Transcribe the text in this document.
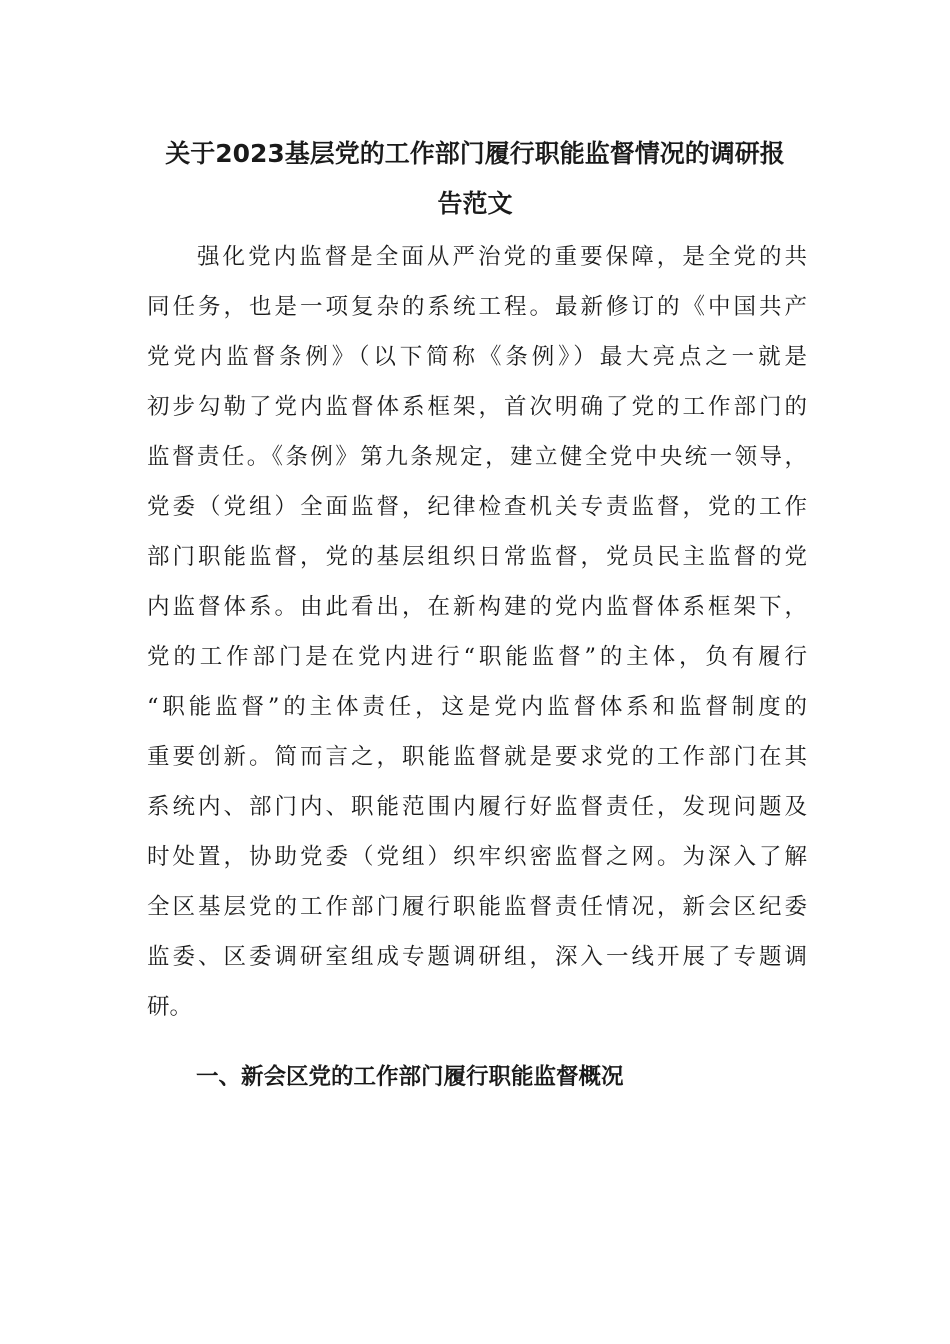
关于2023基层党的工作部门履行职能监督情况的调研报
告范文
强化党内监督是全面从严治党的重要保障，是全党的共
同任务，也是一项复杂的系统工程。最新修订的《中国共产
党党内监督条例》（以下简称《条例》）最大亮点之一就是
初步勾勒了党内监督体系框架，首次明确了党的工作部门的
监督责任。《条例》第九条规定，建立健全党中央统一领导，
党委（党组）全面监督，纪律检查机关专责监督，党的工作
部门职能监督，党的基层组织日常监督，党员民主监督的党
内监督体系。由此看出，在新构建的党内监督体系框架下，
党的工作部门是在党内进行“职能监督”的主体，负有履行
“职能监督”的主体责任，这是党内监督体系和监督制度的
重要创新。简而言之，职能监督就是要求党的工作部门在其
系统内、部门内、职能范围内履行好监督责任，发现问题及
时处置，协助党委（党组）织牢织密监督之网。为深入了解
全区基层党的工作部门履行职能监督责任情况，新会区纪委
监委、区委调研室组成专题调研组，深入一线开展了专题调
研。
一、新会区党的工作部门履行职能监督概况
